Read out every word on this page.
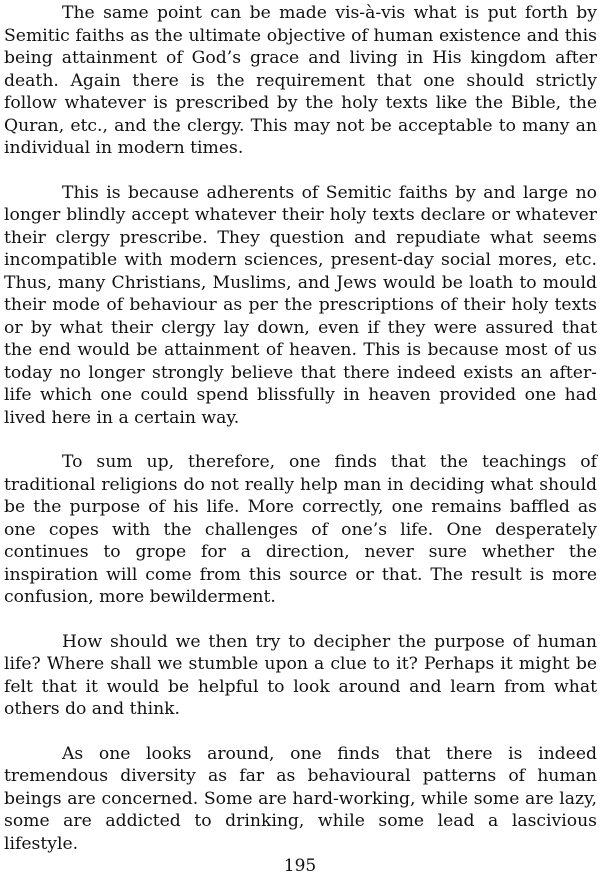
The same point can be made vis-à-vis what is put forth by Semitic faiths as the ultimate objective of human existence and this being attainment of God’s grace and living in His kingdom after death. Again there is the requirement that one should strictly follow whatever is prescribed by the holy texts like the Bible, the Quran, etc., and the clergy. This may not be acceptable to many an individual in modern times.

This is because adherents of Semitic faiths by and large no longer blindly accept whatever their holy texts declare or whatever their clergy prescribe. They question and repudiate what seems incompatible with modern sciences, present-day social mores, etc. Thus, many Christians, Muslims, and Jews would be loath to mould their mode of behaviour as per the prescriptions of their holy texts or by what their clergy lay down, even if they were assured that the end would be attainment of heaven. This is because most of us today no longer strongly believe that there indeed exists an after-life which one could spend blissfully in heaven provided one had lived here in a certain way.

To sum up, therefore, one finds that the teachings of traditional religions do not really help man in deciding what should be the purpose of his life. More correctly, one remains baffled as one copes with the challenges of one’s life. One desperately continues to grope for a direction, never sure whether the inspiration will come from this source or that. The result is more confusion, more bewilderment.

How should we then try to decipher the purpose of human life? Where shall we stumble upon a clue to it? Perhaps it might be felt that it would be helpful to look around and learn from what others do and think.

As one looks around, one finds that there is indeed tremendous diversity as far as behavioural patterns of human beings are concerned. Some are hard-working, while some are lazy, some are addicted to drinking, while some lead a lascivious lifestyle.

195
